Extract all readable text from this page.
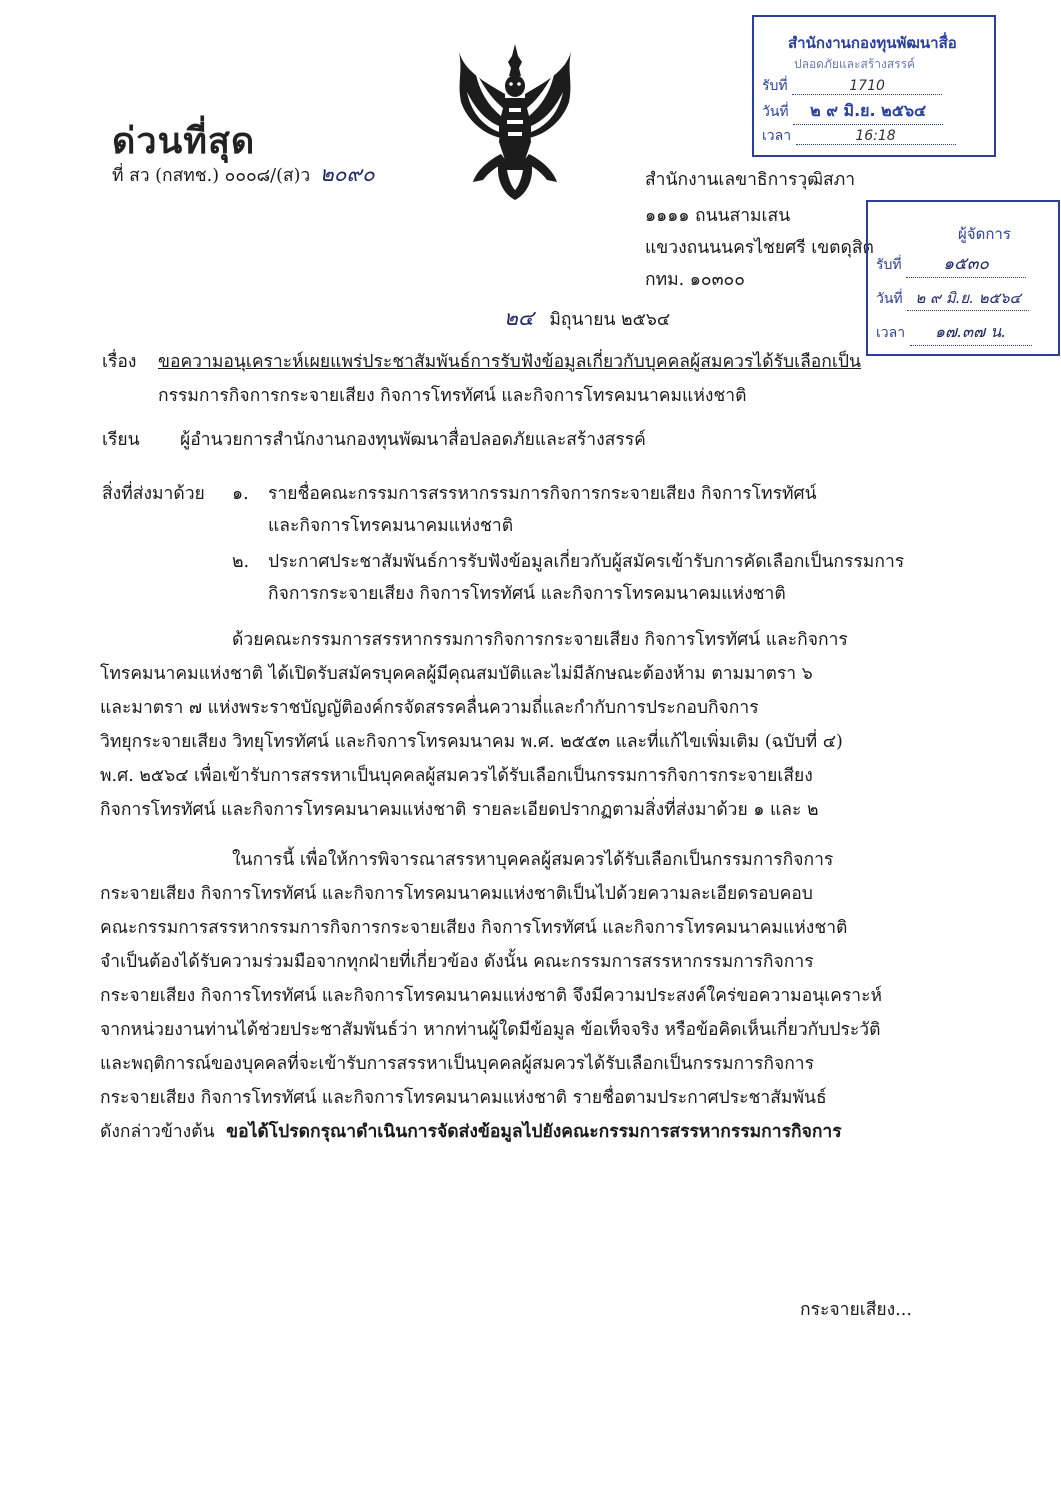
ด่วนที่สุด
ที่ สว (กสทช.) ๐๐๐๘/(ส)ว ๒๐๙๐
สำนักงานกองทุนพัฒนาสื่อ
ปลอดภัยและสร้างสรรค์
รับที่	1710
วันที่ ๒ ๙ มิ.ย. ๒๕๖๔
เวลา	16:18
สำนักงานเลขาธิการวุฒิสภา
๑๑๑๑ ถนนสามเสน
แขวงถนนนครไชยศรี เขตดุสิต
กทม. ๑๐๓๐๐
ผู้จัดการ
รับที่ ๑๕๓๐
วันที่ ๒ ๙ มิ.ย. ๒๕๖๔
เวลา ๑๗.๓๗ น.
๒๔ มิถุนายน ๒๕๖๔
เรื่อง ขอความอนุเคราะห์เผยแพร่ประชาสัมพันธ์การรับฟังข้อมูลเกี่ยวกับบุคคลผู้สมควรได้รับเลือกเป็น
กรรมการกิจการกระจายเสียง กิจการโทรทัศน์ และกิจการโทรคมนาคมแห่งชาติ
เรียน ผู้อำนวยการสำนักงานกองทุนพัฒนาสื่อปลอดภัยและสร้างสรรค์
สิ่งที่ส่งมาด้วย ๑. รายชื่อคณะกรรมการสรรหากรรมการกิจการกระจายเสียง กิจการโทรทัศน์
และกิจการโทรคมนาคมแห่งชาติ
๒. ประกาศประชาสัมพันธ์การรับฟังข้อมูลเกี่ยวกับผู้สมัครเข้ารับการคัดเลือกเป็นกรรมการ
กิจการกระจายเสียง กิจการโทรทัศน์ และกิจการโทรคมนาคมแห่งชาติ
ด้วยคณะกรรมการสรรหากรรมการกิจการกระจายเสียง กิจการโทรทัศน์ และกิจการ
โทรคมนาคมแห่งชาติ ได้เปิดรับสมัครบุคคลผู้มีคุณสมบัติและไม่มีลักษณะต้องห้าม ตามมาตรา ๖
และมาตรา ๗ แห่งพระราชบัญญัติองค์กรจัดสรรคลื่นความถี่และกำกับการประกอบกิจการ
วิทยุกระจายเสียง วิทยุโทรทัศน์ และกิจการโทรคมนาคม พ.ศ. ๒๕๕๓ และที่แก้ไขเพิ่มเติม (ฉบับที่ ๔)
พ.ศ. ๒๕๖๔ เพื่อเข้ารับการสรรหาเป็นบุคคลผู้สมควรได้รับเลือกเป็นกรรมการกิจการกระจายเสียง
กิจการโทรทัศน์ และกิจการโทรคมนาคมแห่งชาติ รายละเอียดปรากฏตามสิ่งที่ส่งมาด้วย ๑ และ ๒
ในการนี้ เพื่อให้การพิจารณาสรรหาบุคคลผู้สมควรได้รับเลือกเป็นกรรมการกิจการ
กระจายเสียง กิจการโทรทัศน์ และกิจการโทรคมนาคมแห่งชาติเป็นไปด้วยความละเอียดรอบคอบ
คณะกรรมการสรรหากรรมการกิจการกระจายเสียง กิจการโทรทัศน์ และกิจการโทรคมนาคมแห่งชาติ
จำเป็นต้องได้รับความร่วมมือจากทุกฝ่ายที่เกี่ยวข้อง ดังนั้น คณะกรรมการสรรหากรรมการกิจการ
กระจายเสียง กิจการโทรทัศน์ และกิจการโทรคมนาคมแห่งชาติ จึงมีความประสงค์ใคร่ขอความอนุเคราะห์
จากหน่วยงานท่านได้ช่วยประชาสัมพันธ์ว่า หากท่านผู้ใดมีข้อมูล ข้อเท็จจริง หรือข้อคิดเห็นเกี่ยวกับประวัติ
และพฤติการณ์ของบุคคลที่จะเข้ารับการสรรหาเป็นบุคคลผู้สมควรได้รับเลือกเป็นกรรมการกิจการ
กระจายเสียง กิจการโทรทัศน์ และกิจการโทรคมนาคมแห่งชาติ รายชื่อตามประกาศประชาสัมพันธ์
ดังกล่าวข้างต้น ขอได้โปรดกรุณาดำเนินการจัดส่งข้อมูลไปยังคณะกรรมการสรรหากรรมการกิจการ
กระจายเสียง...
